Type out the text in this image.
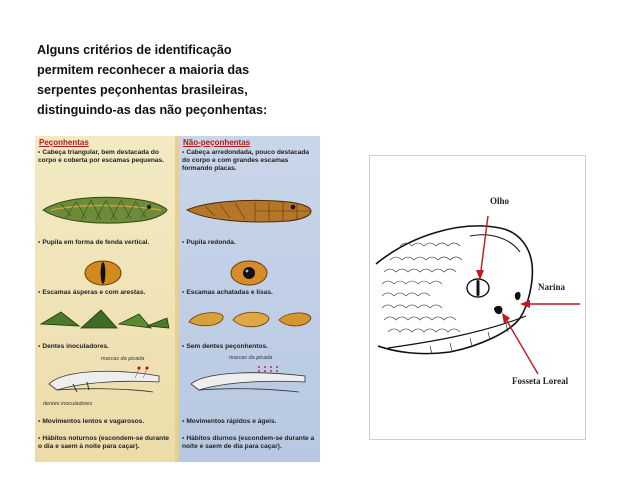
Alguns critérios de identificação
permitem reconhecer a maioria das
serpentes peçonhentas brasileiras,
distinguindo-as das não peçonhentas:
Peçonhentas
• Cabeça triangular, bem destacada do corpo e coberta por escamas pequenas.
• Pupila em forma de fenda vertical.
• Escamas ásperas e com arestas.
• Dentes inoculadores.
marcas da picada
dentes inoculadores
• Movimentos lentos e vagarosos.
• Hábitos noturnos (escondem-se durante o dia e saem à noite para caçar).
Não-peçonhentas
• Cabeça arredondada, pouco destacada do corpo e com grandes escamas formando placas.
• Pupila redonda.
• Escamas achatadas e lisas.
• Sem dentes peçonhentos.
marcas da picada
• Movimentos rápidos e ágeis.
• Hábitos diurnos (escondem-se durante a noite e saem de dia para caçar).
Olho
Narina
Fosseta Loreal
